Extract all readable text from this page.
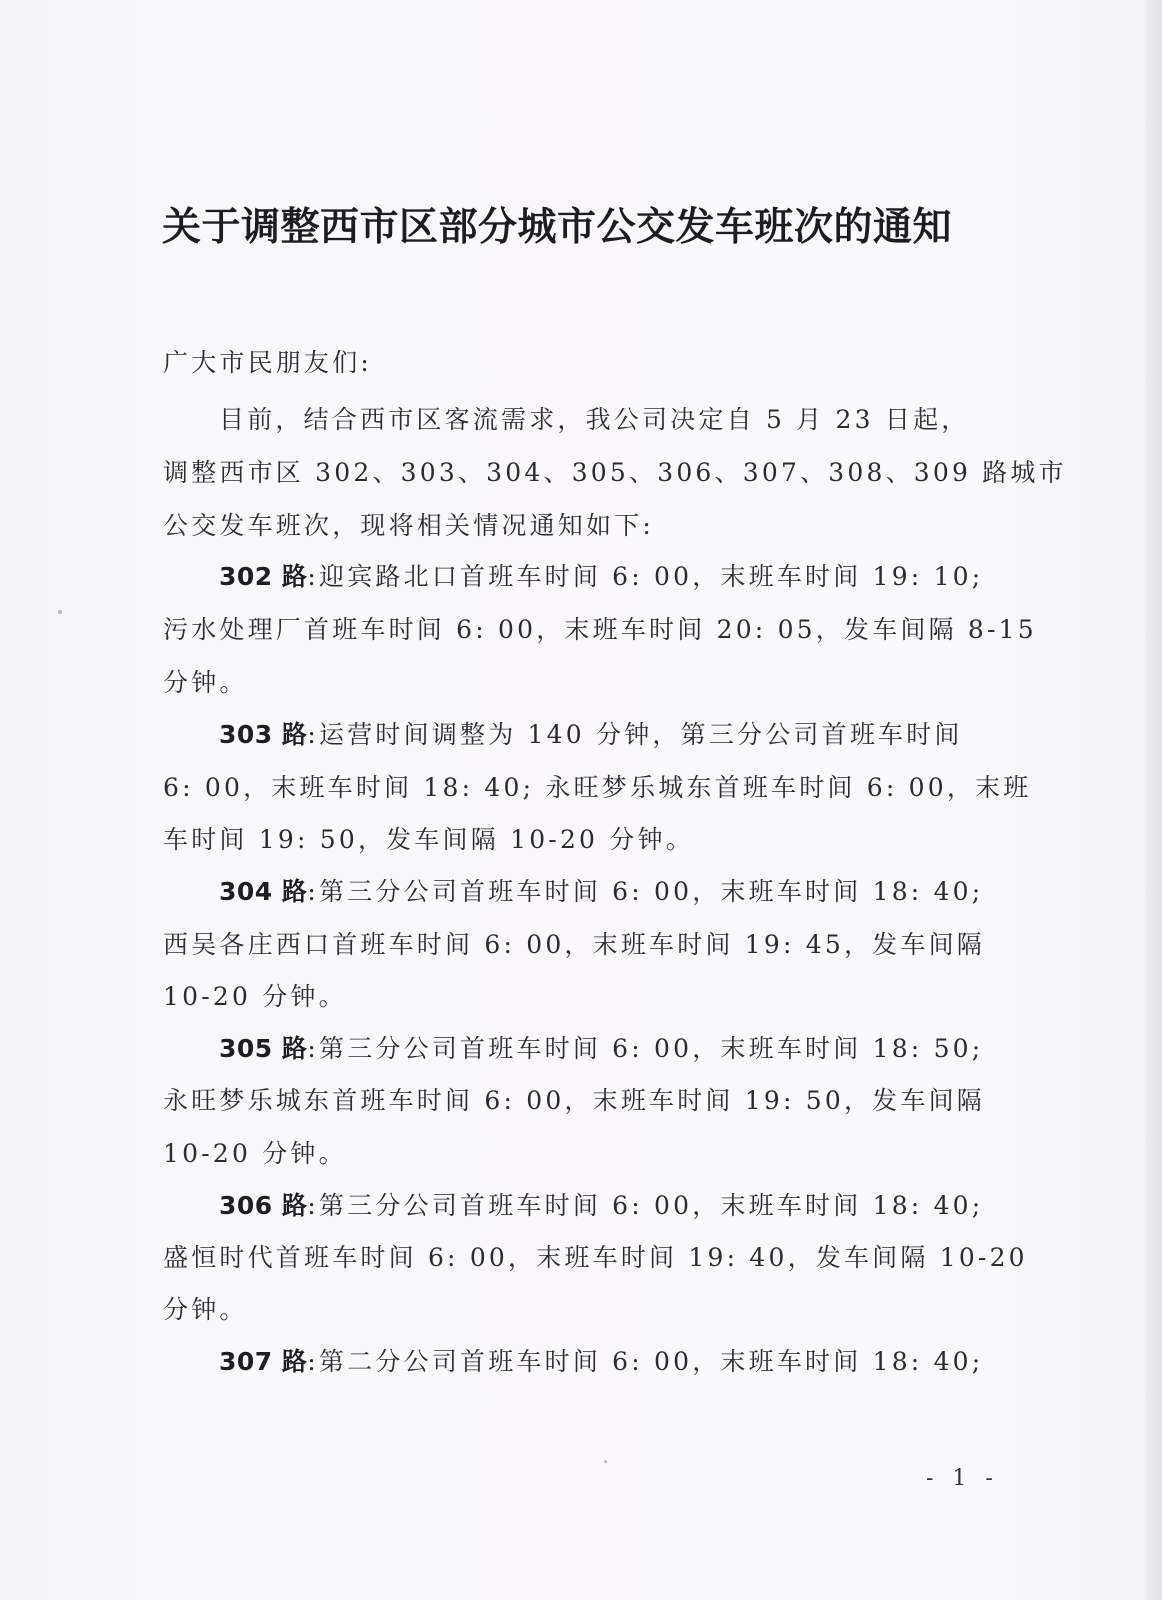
关于调整西市区部分城市公交发车班次的通知
广大市民朋友们:
目前，结合西市区客流需求，我公司决定自 5 月 23 日起，
调整西市区 302、303、304、305、306、307、308、309 路城市
公交发车班次，现将相关情况通知如下:
302 路:迎宾路北口首班车时间 6: 00，末班车时间 19: 10;
污水处理厂首班车时间 6: 00，末班车时间 20: 05，发车间隔 8-15
分钟。
303 路:运营时间调整为 140 分钟，第三分公司首班车时间
6: 00，末班车时间 18: 40; 永旺梦乐城东首班车时间 6: 00，末班
车时间 19: 50，发车间隔 10-20 分钟。
304 路:第三分公司首班车时间 6: 00，末班车时间 18: 40;
西吴各庄西口首班车时间 6: 00，末班车时间 19: 45，发车间隔
10-20 分钟。
305 路:第三分公司首班车时间 6: 00，末班车时间 18: 50;
永旺梦乐城东首班车时间 6: 00，末班车时间 19: 50，发车间隔
10-20 分钟。
306 路:第三分公司首班车时间 6: 00，末班车时间 18: 40;
盛恒时代首班车时间 6: 00，末班车时间 19: 40，发车间隔 10-20
分钟。
307 路:第二分公司首班车时间 6: 00，末班车时间 18: 40;
- 1 -
